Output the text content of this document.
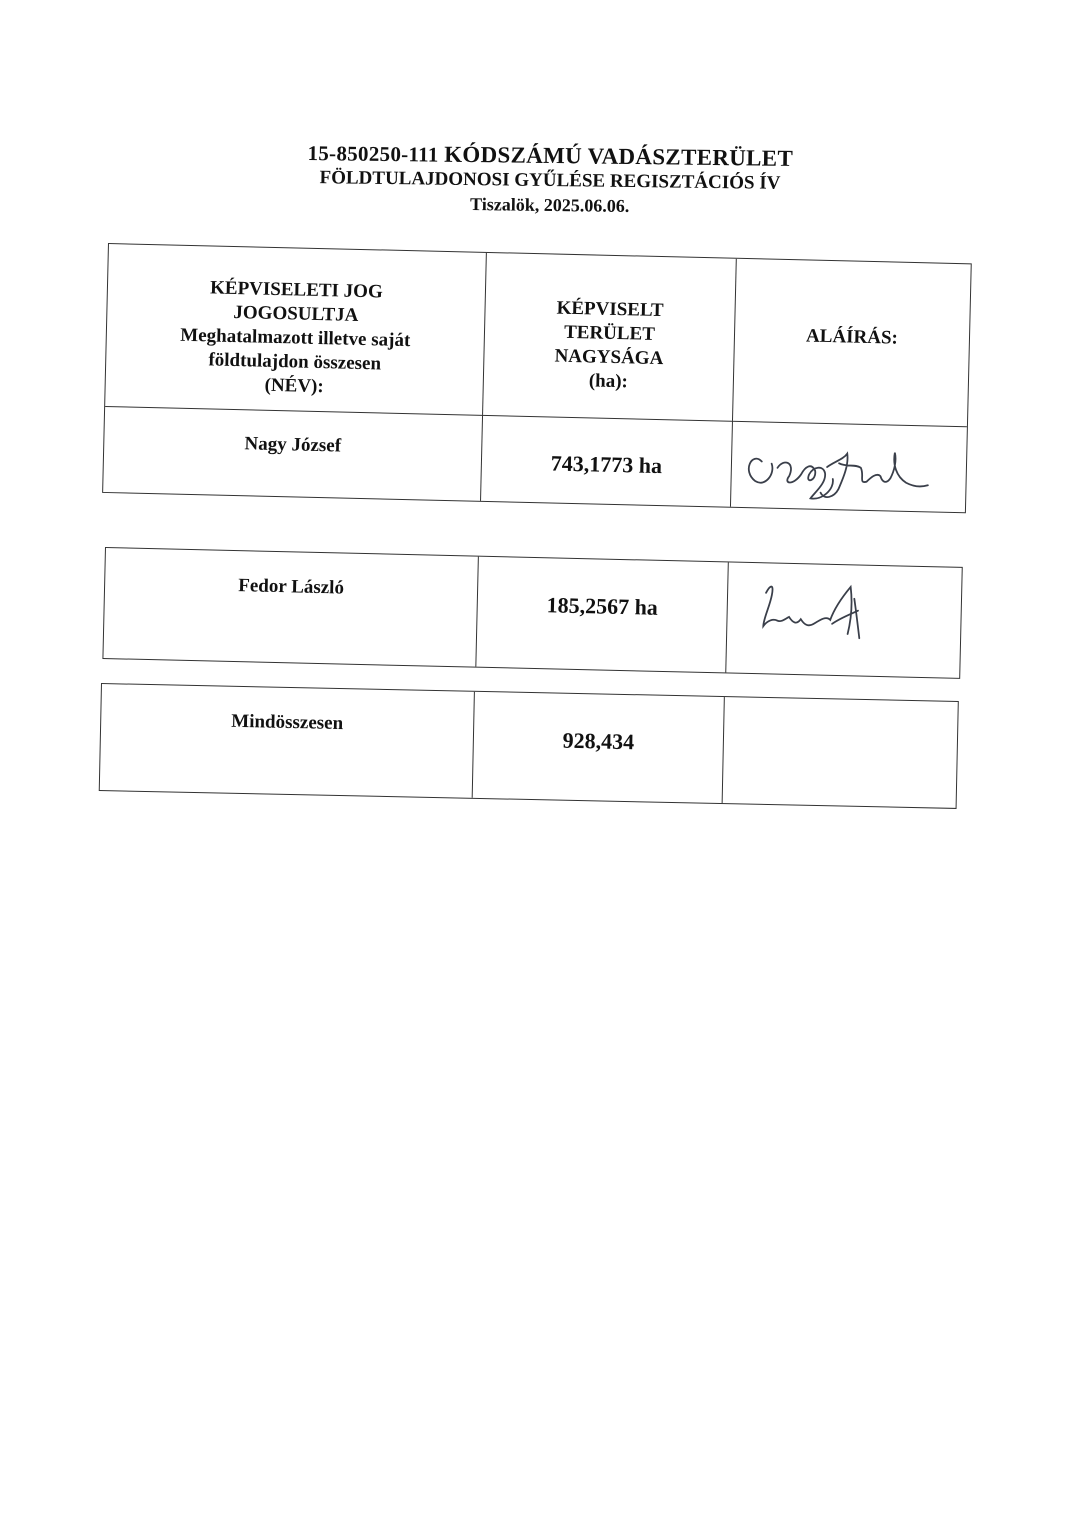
15-850250-111 KÓDSZÁMÚ VADÁSZTERÜLET
FÖLDTULAJDONOSI GYŰLÉSE REGISZTÁCIÓS ÍV
Tiszalök, 2025.06.06.
KÉPVISELETI JOG
JOGOSULTJA
Meghatalmazott illetve saját
földtulajdon összesen
(NÉV):
KÉPVISELT
TERÜLET
NAGYSÁGA
(ha):
ALÁÍRÁS:
Nagy József
743,1773 ha
Fedor László
185,2567 ha
Mindösszesen
928,434
